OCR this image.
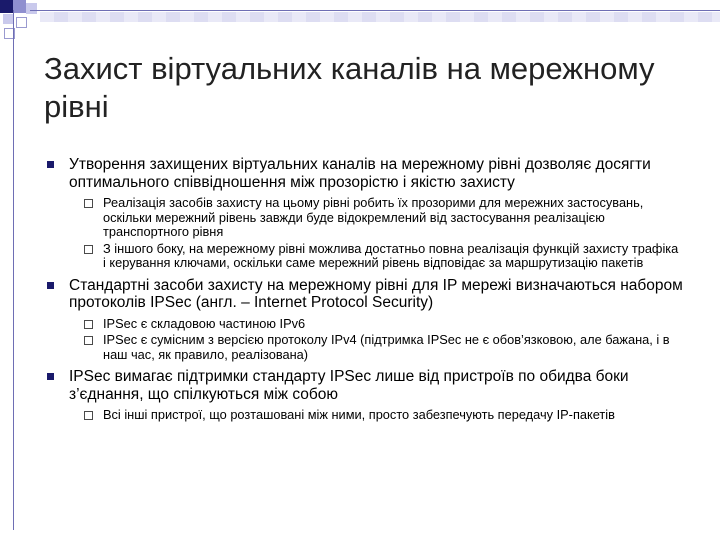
Захист віртуальних каналів на мережному рівні
Утворення захищених віртуальних каналів на мережному рівні дозволяє досягти оптимального співвідношення між прозорістю і якістю захисту
Реалізація засобів захисту на цьому рівні робить їх прозорими для мережних застосувань, оскільки мережний рівень завжди буде відокремлений від застосування реалізацією транспортного рівня
З іншого боку, на мережному рівні можлива достатньо повна реалізація функцій захисту трафіка і керування ключами, оскільки саме мережний рівень відповідає за маршрутизацію пакетів
Стандартні засоби захисту на мережному рівні для IP мережі визначаються набором протоколів IPSec (англ. – Internet Protocol Security)
IPSec є складовою частиною IPv6
IPSec є сумісним з версією протоколу IPv4 (підтримка IPSec не є обов’язковою, але бажана, і в наш час, як правило, реалізована)
IPSec вимагає підтримки стандарту IPSec лише від пристроїв по обидва боки з’єднання, що спілкуються між собою
Всі інші пристрої, що розташовані між ними, просто забезпечують передачу IP-пакетів
